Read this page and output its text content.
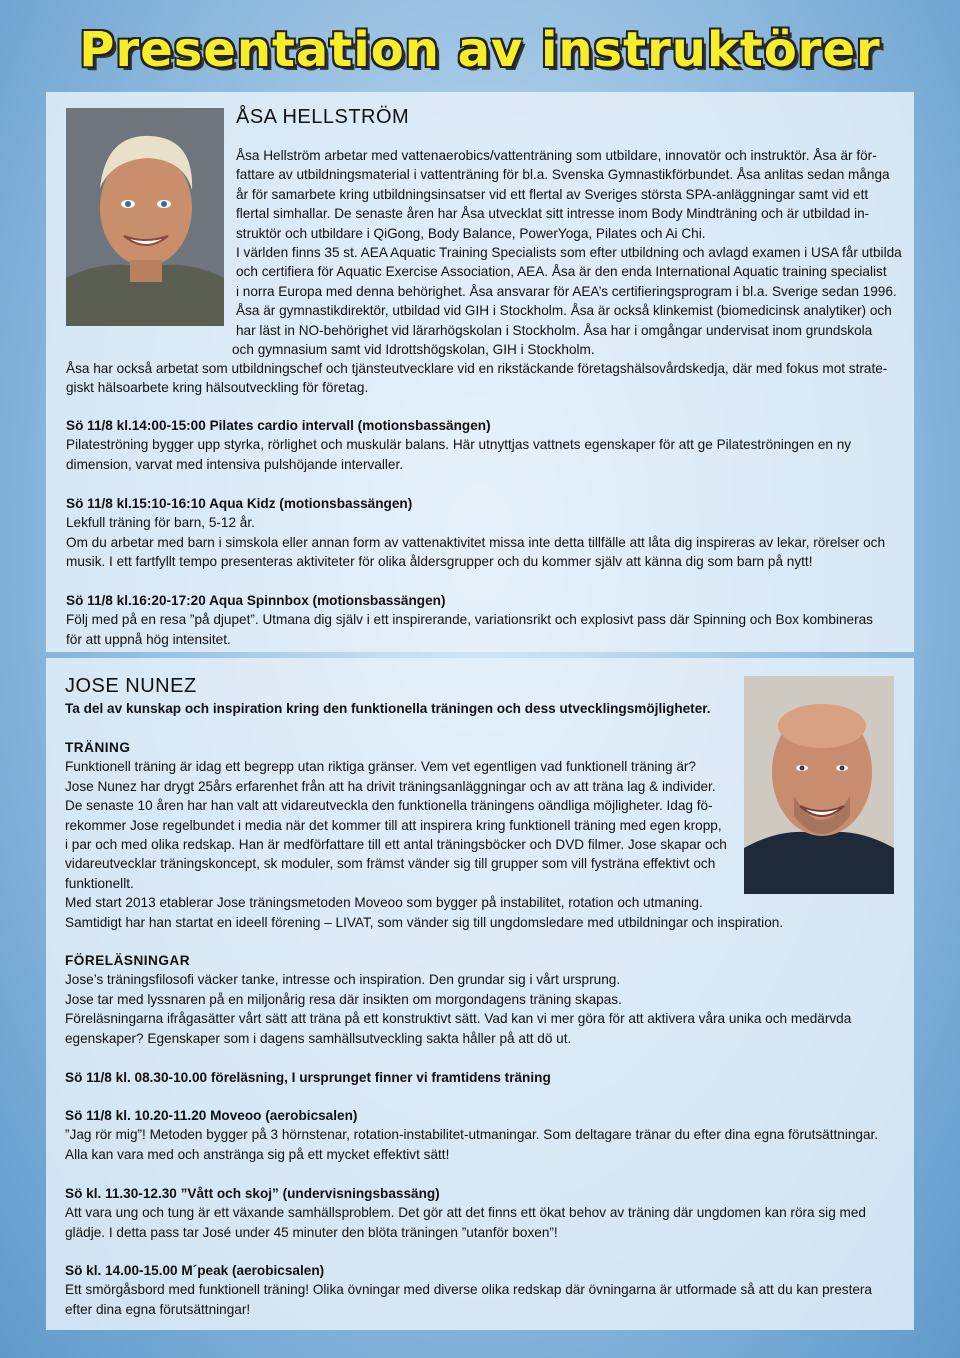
Presentation av instruktörer
ÅSA HELLSTRÖM
Åsa Hellström arbetar med vattenaerobics/vattenträning som utbildare, innovatör och instruktör. Åsa är för-
fattare av utbildningsmaterial i vattenträning för bl.a. Svenska Gymnastikförbundet. Åsa anlitas sedan många
år för samarbete kring utbildningsinsatser vid ett flertal av Sveriges största SPA-anläggningar samt vid ett
flertal simhallar. De senaste åren har Åsa utvecklat sitt intresse inom Body Mindträning och är utbildad in-
struktör och utbildare i QiGong, Body Balance, PowerYoga, Pilates och Ai Chi.
I världen finns 35 st. AEA Aquatic Training Specialists som efter utbildning och avlagd examen i USA får utbilda
och certifiera för Aquatic Exercise Association, AEA. Åsa är den enda International Aquatic training specialist
i norra Europa med denna behörighet. Åsa ansvarar för AEA’s certifieringsprogram i bl.a. Sverige sedan 1996.
Åsa är gymnastikdirektör, utbildad vid GIH i Stockholm. Åsa är också klinkemist (biomedicinsk analytiker) och
har läst in NO-behörighet vid lärarhögskolan i Stockholm. Åsa har i omgångar undervisat inom grundskola
och gymnasium samt vid Idrottshögskolan, GIH i Stockholm.
Åsa har också arbetat som utbildningschef och tjänsteutvecklare vid en rikstäckande företagshälsovårdskedja, där med fokus mot strate-
giskt hälsoarbete kring hälsoutveckling för företag.
Sö 11/8 kl.14:00-15:00 Pilates cardio intervall (motionsbassängen)
Pilateströning bygger upp styrka, rörlighet och muskulär balans. Här utnyttjas vattnets egenskaper för att ge Pilateströningen en ny
dimension, varvat med intensiva pulshöjande intervaller.
Sö 11/8 kl.15:10-16:10 Aqua Kidz (motionsbassängen)
Lekfull träning för barn, 5-12 år.
Om du arbetar med barn i simskola eller annan form av vattenaktivitet missa inte detta tillfälle att låta dig inspireras av lekar, rörelser och
musik. I ett fartfyllt tempo presenteras aktiviteter för olika åldersgrupper och du kommer själv att känna dig som barn på nytt!
Sö 11/8 kl.16:20-17:20 Aqua Spinnbox (motionsbassängen)
Följ med på en resa ”på djupet”. Utmana dig själv i ett inspirerande, variationsrikt och explosivt pass där Spinning och Box kombineras
för att uppnå hög intensitet.
JOSE NUNEZ
Ta del av kunskap och inspiration kring den funktionella träningen och dess utvecklingsmöjligheter.
TRÄNING
Funktionell träning är idag ett begrepp utan riktiga gränser. Vem vet egentligen vad funktionell träning är?
Jose Nunez har drygt 25års erfarenhet från att ha drivit träningsanläggningar och av att träna lag & individer.
De senaste 10 åren har han valt att vidareutveckla den funktionella träningens oändliga möjligheter. Idag fö-
rekommer Jose regelbundet i media när det kommer till att inspirera kring funktionell träning med egen kropp,
i par och med olika redskap. Han är medförfattare till ett antal träningsböcker och DVD filmer. Jose skapar och
vidareutvecklar träningskoncept, sk moduler, som främst vänder sig till grupper som vill fysträna effektivt och
funktionellt.
Med start 2013 etablerar Jose träningsmetoden Moveoo som bygger på instabilitet, rotation och utmaning.
Samtidigt har han startat en ideell förening – LIVAT, som vänder sig till ungdomsledare med utbildningar och inspiration.
FÖRELÄSNINGAR
Jose’s träningsfilosofi väcker tanke, intresse och inspiration. Den grundar sig i vårt ursprung.
Jose tar med lyssnaren på en miljonårig resa där insikten om morgondagens träning skapas.
Föreläsningarna ifrågasätter vårt sätt att träna på ett konstruktivt sätt. Vad kan vi mer göra för att aktivera våra unika och medärvda
egenskaper? Egenskaper som i dagens samhällsutveckling sakta håller på att dö ut.
Sö 11/8 kl. 08.30-10.00 föreläsning, I ursprunget finner vi framtidens träning
Sö 11/8 kl. 10.20-11.20 Moveoo (aerobicsalen)
”Jag rör mig”! Metoden bygger på 3 hörnstenar, rotation-instabilitet-utmaningar. Som deltagare tränar du efter dina egna förutsättningar.
Alla kan vara med och anstränga sig på ett mycket effektivt sätt!
Sö kl. 11.30-12.30 ”Vått och skoj” (undervisningsbassäng)
Att vara ung och tung är ett växande samhällsproblem. Det gör att det finns ett ökat behov av träning där ungdomen kan röra sig med
glädje. I detta pass tar José under 45 minuter den blöta träningen ”utanför boxen”!
Sö kl. 14.00-15.00 M´peak (aerobicsalen)
Ett smörgåsbord med funktionell träning! Olika övningar med diverse olika redskap där övningarna är utformade så att du kan prestera
efter dina egna förutsättningar!
